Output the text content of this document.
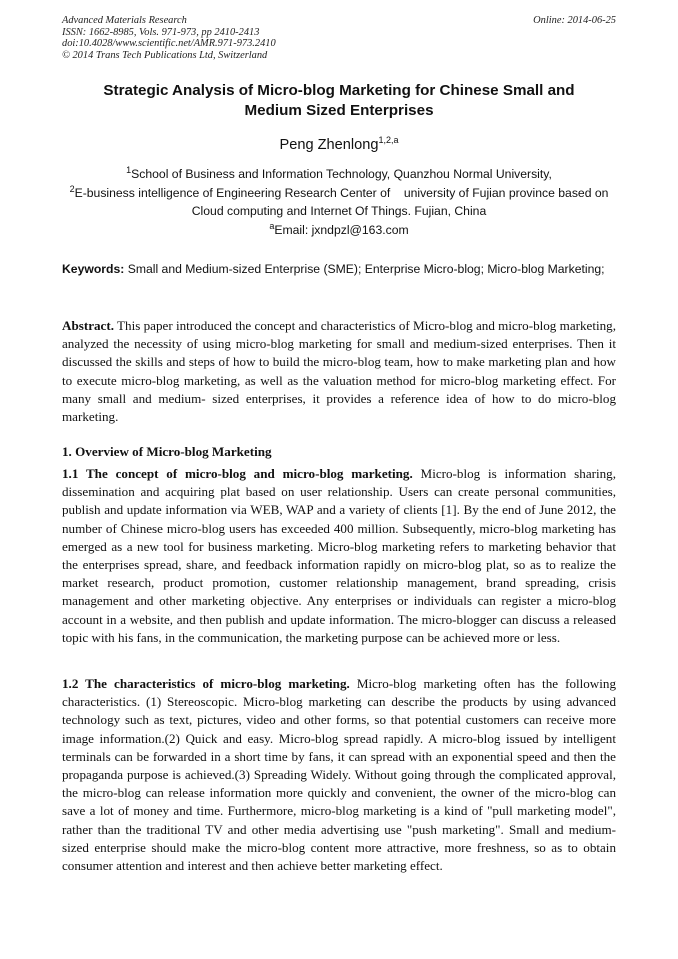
Advanced Materials Research
ISSN: 1662-8985, Vols. 971-973, pp 2410-2413
doi:10.4028/www.scientific.net/AMR.971-973.2410
© 2014 Trans Tech Publications Ltd, Switzerland
Online: 2014-06-25
Strategic Analysis of Micro-blog Marketing for Chinese Small and
Medium Sized Enterprises
Peng Zhenlong$^{1,2,a}$
$^1$School of Business and Information Technology, Quanzhou Normal University,
$^2$E-business intelligence of Engineering Research Center of    university of Fujian province based on
Cloud computing and Internet Of Things. Fujian, China
$^a$Email: jxndpzl@163.com
Keywords: Small and Medium-sized Enterprise (SME); Enterprise Micro-blog; Micro-blog Marketing;
Abstract. This paper introduced the concept and characteristics of Micro-blog and micro-blog marketing, analyzed the necessity of using micro-blog marketing for small and medium-sized enterprises. Then it discussed the skills and steps of how to build the micro-blog team, how to make marketing plan and how to execute micro-blog marketing, as well as the valuation method for micro-blog marketing effect. For many small and medium- sized enterprises, it provides a reference idea of how to do micro-blog marketing.
1. Overview of Micro-blog Marketing
1.1 The concept of micro-blog and micro-blog marketing. Micro-blog is information sharing, dissemination and acquiring plat based on user relationship. Users can create personal communities, publish and update information via WEB, WAP and a variety of clients [1]. By the end of June 2012, the number of Chinese micro-blog users has exceeded 400 million. Subsequently, micro-blog marketing has emerged as a new tool for business marketing. Micro-blog marketing refers to marketing behavior that the enterprises spread, share, and feedback information rapidly on micro-blog plat, so as to realize the market research, product promotion, customer relationship management, brand spreading, crisis management and other marketing objective. Any enterprises or individuals can register a micro-blog account in a website, and then publish and update information. The micro-blogger can discuss a released topic with his fans, in the communication, the marketing purpose can be achieved more or less.
1.2 The characteristics of micro-blog marketing. Micro-blog marketing often has the following characteristics. (1) Stereoscopic. Micro-blog marketing can describe the products by using advanced technology such as text, pictures, video and other forms, so that potential customers can receive more image information.(2) Quick and easy. Micro-blog spread rapidly. A micro-blog issued by intelligent terminals can be forwarded in a short time by fans, it can spread with an exponential speed and then the propaganda purpose is achieved.(3) Spreading Widely. Without going through the complicated approval, the micro-blog can release information more quickly and convenient, the owner of the micro-blog can save a lot of money and time. Furthermore, micro-blog marketing is a kind of "pull marketing model", rather than the traditional TV and other media advertising use "push marketing". Small and medium-sized enterprise should make the micro-blog content more attractive, more freshness, so as to obtain consumer attention and interest and then achieve better marketing effect.
